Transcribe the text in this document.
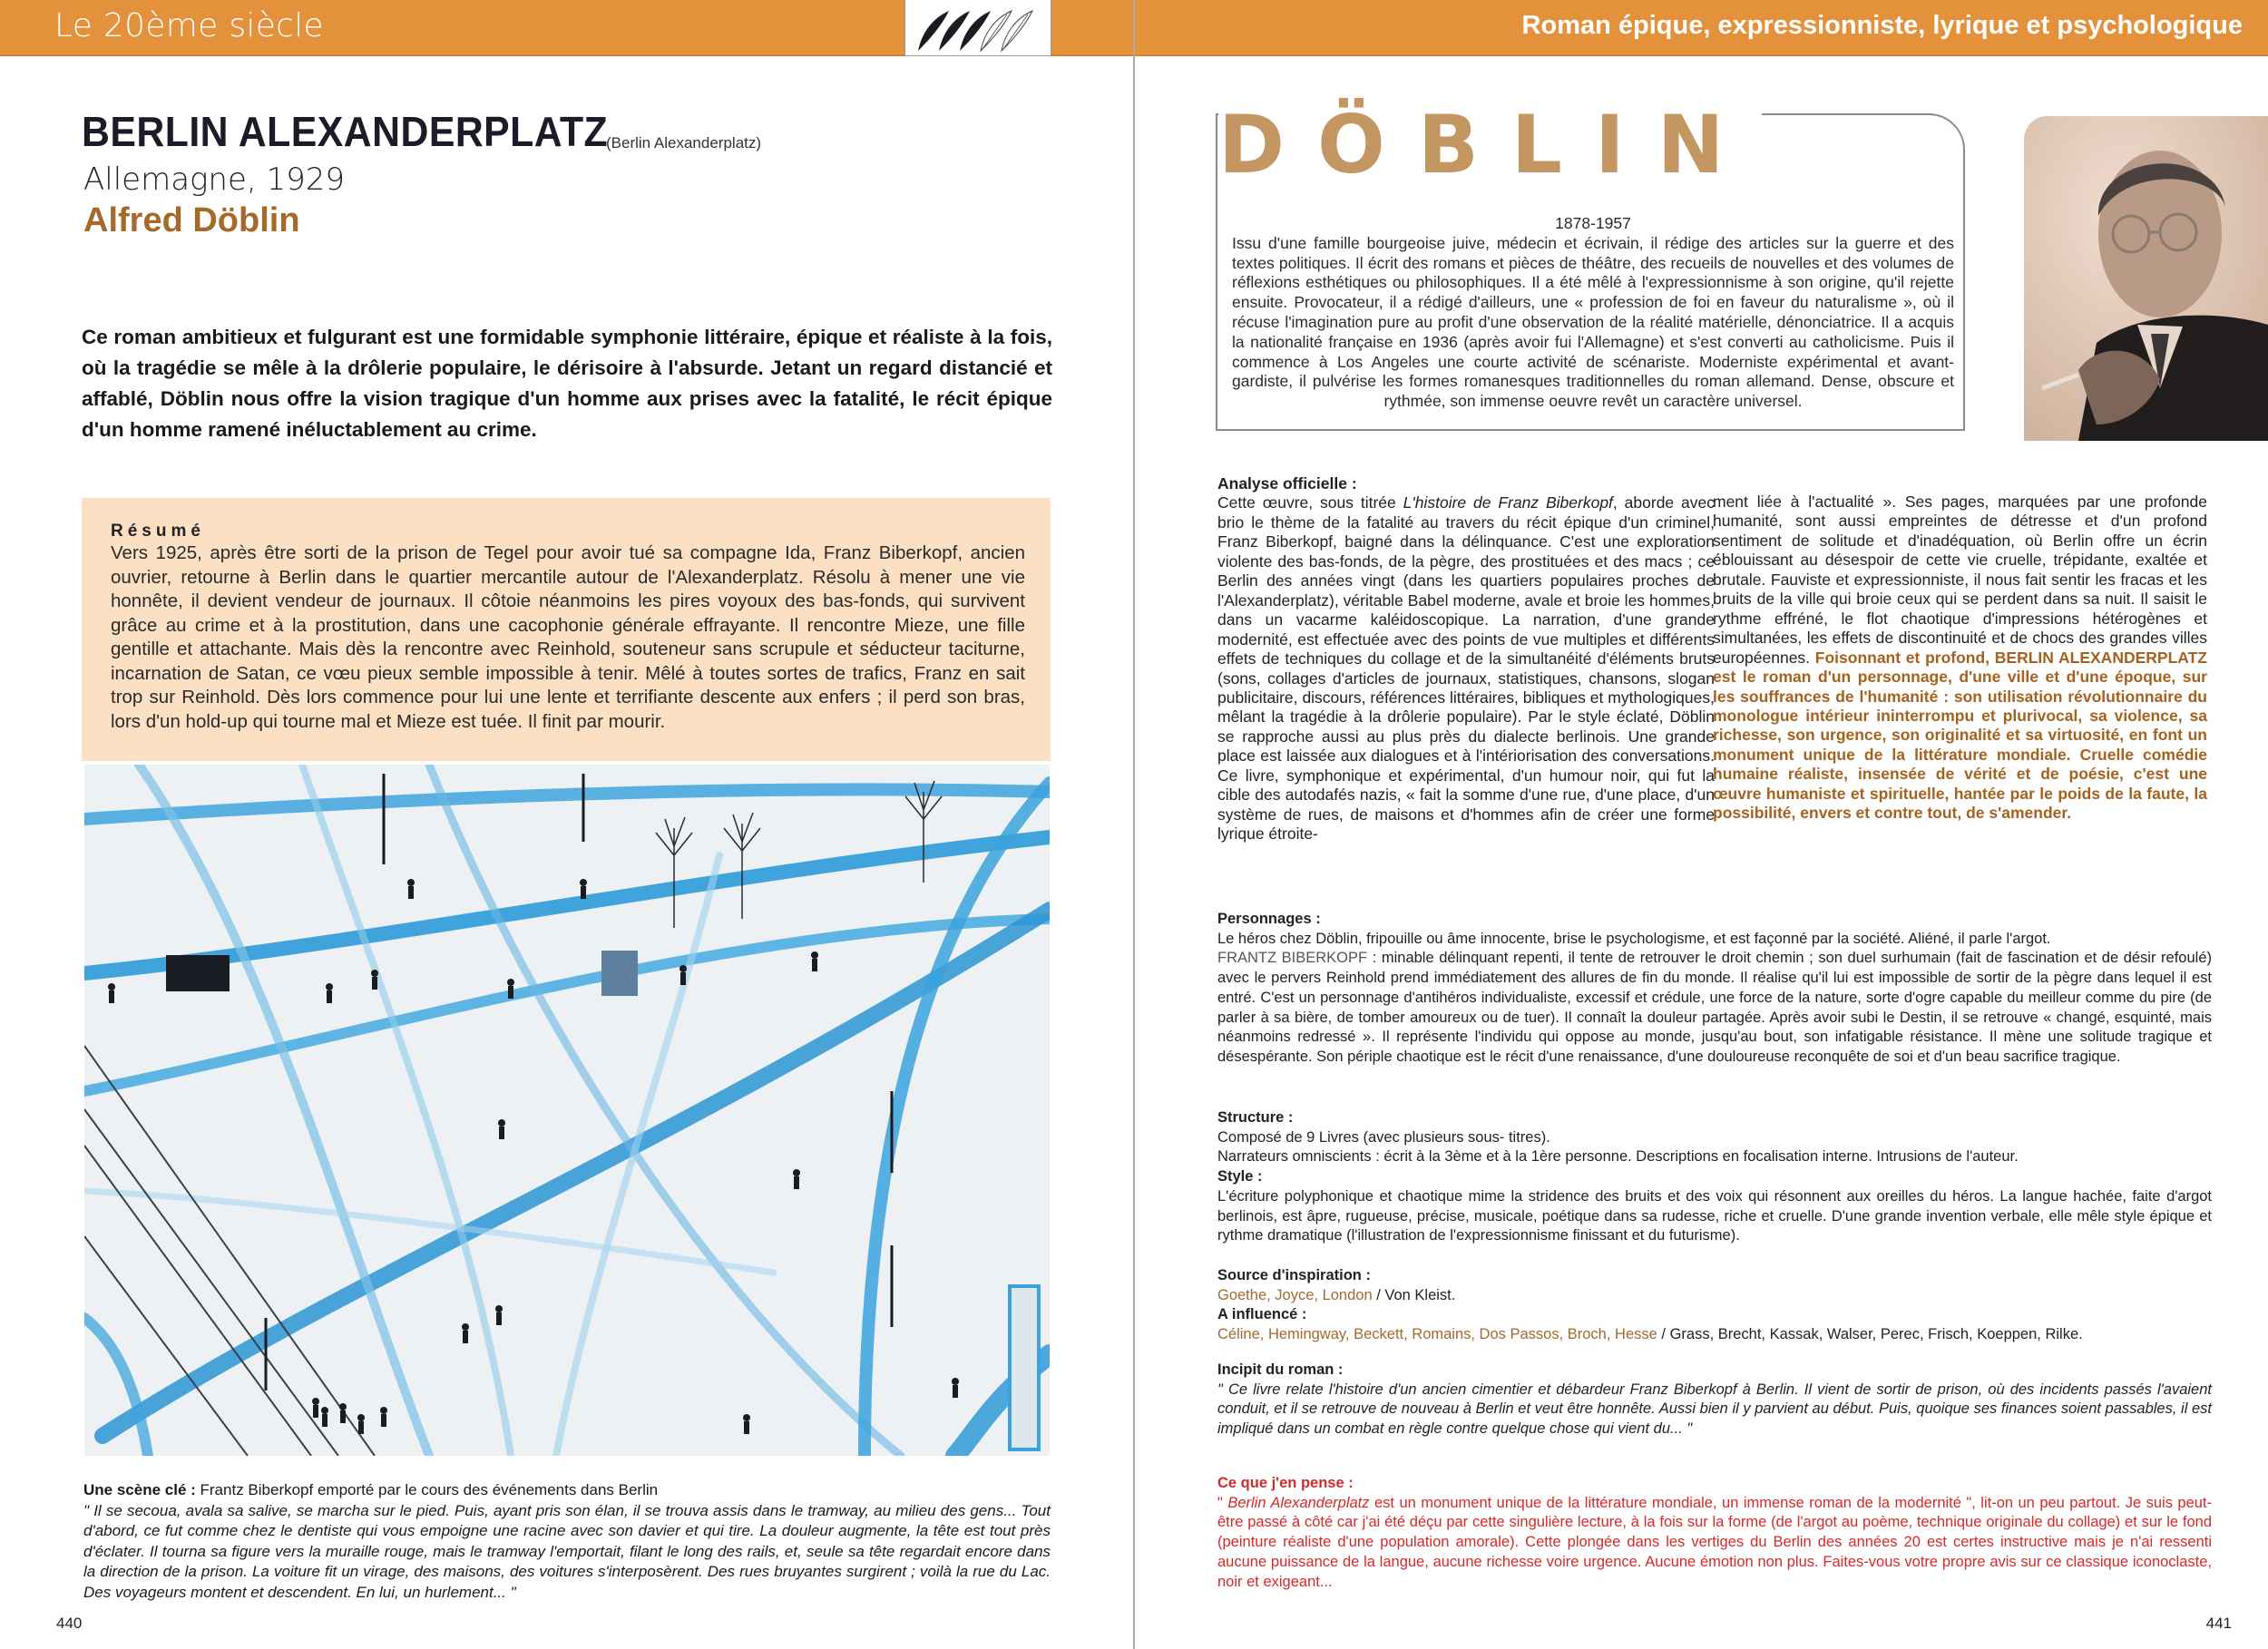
Le 20ème siècle
BERLIN ALEXANDERPLATZ
(Berlin Alexanderplatz)
Allemagne, 1929
Alfred Döblin

Ce roman ambitieux et fulgurant est une formidable symphonie littéraire, épique et réaliste à la fois, où la tragédie se mêle à la drôlerie populaire, le dérisoire à l'absurde. Jetant un regard distancié et affablé, Döblin nous offre la vision tragique d'un homme aux prises avec la fatalité, le récit épique d'un homme ramené inéluctablement au crime.

Résumé

Vers 1925, après être sorti de la prison de Tegel pour avoir tué sa compagne Ida, Franz Biberkopf, ancien ouvrier, retourne à Berlin dans le quartier mercantile autour de l'Alexanderplatz. Résolu à mener une vie honnête, il devient vendeur de journaux. Il côtoie néanmoins les pires voyoux des bas-fonds, qui survivent grâce au crime et à la prostitution, dans une cacophonie générale effrayante. Il rencontre Mieze, une fille gentille et attachante. Mais dès la rencontre avec Reinhold, souteneur sans scrupule et séducteur taciturne, incarnation de Satan, ce vœu pieux semble impossible à tenir. Mêlé à toutes sortes de trafics, Franz en sait trop sur Reinhold. Dès lors commence pour lui une lente et terrifiante descente aux enfers ; il perd son bras, lors d'un hold-up qui tourne mal et Mieze est tuée. Il finit par mourir.

Une scène clé : Frantz Biberkopf emporté par le cours des événements dans Berlin
" Il se secoua, avala sa salive, se marcha sur le pied. Puis, ayant pris son élan, il se trouva assis dans le tramway, au milieu des gens... Tout d'abord, ce fut comme chez le dentiste qui vous empoigne une racine avec son davier et qui tire. La douleur augmente, la tête est tout près d'éclater. Il tourna sa figure vers la muraille rouge, mais le tramway l'emportait, filant le long des rails, et, seule sa tête regardait encore dans la direction de la prison. La voiture fit un virage, des maisons, des voitures s'interposèrent. Des rues bruyantes surgirent ; voilà la rue du Lac. Des voyageurs montent et descendent. En lui, un hurlement... "
440
Roman épique, expressionniste, lyrique et psychologique
DÖBLIN
1878-1957
Issu d'une famille bourgeoise juive, médecin et écrivain, il rédige des articles sur la guerre et des textes politiques. Il écrit des romans et pièces de théâtre, des recueils de nouvelles et des volumes de réflexions esthétiques ou philosophiques. Il a été mêlé à l'expressionnisme à son origine, qu'il rejette ensuite. Provocateur, il a rédigé d'ailleurs, une « profession de foi en faveur du naturalisme », où il récuse l'imagination pure au profit d'une observation de la réalité matérielle, dénonciatrice. Il a acquis la nationalité française en 1936 (après avoir fui l'Allemagne) et s'est converti au catholicisme. Puis il commence à Los Angeles une courte activité de scénariste. Moderniste expérimental et avant-gardiste, il pulvérise les formes romanesques traditionnelles du roman allemand. Dense, obscure et rythmée, son immense oeuvre revêt un caractère universel.
Analyse officielle :
Cette œuvre, sous titrée L'histoire de Franz Biberkopf, aborde avec brio le thème de la fatalité au travers du récit épique d'un criminel, Franz Biberkopf, baigné dans la délinquance. C'est une exploration violente des bas-fonds, de la pègre, des prostituées et des macs ; ce Berlin des années vingt (dans les quartiers populaires proches de l'Alexanderplatz), véritable Babel moderne, avale et broie les hommes, dans un vacarme kaléidoscopique. La narration, d'une grande modernité, est effectuée avec des points de vue multiples et différents effets de techniques du collage et de la simultanéité d'éléments bruts (sons, collages d'articles de journaux, statistiques, chansons, slogan publicitaire, discours, références littéraires, bibliques et mythologiques, mêlant la tragédie à la drôlerie populaire). Par le style éclaté, Döblin se rapproche aussi au plus près du dialecte berlinois. Une grande place est laissée aux dialogues et à l'intériorisation des conversations. Ce livre, symphonique et expérimental, d'un humour noir, qui fut la cible des autodafés nazis, « fait la somme d'une rue, d'une place, d'un système de rues, de maisons et d'hommes afin de créer une forme lyrique étroite-
ment liée à l'actualité ». Ses pages, marquées par une profonde humanité, sont aussi empreintes de détresse et d'un profond sentiment de solitude et d'inadéquation, où Berlin offre un écrin éblouissant au désespoir de cette vie cruelle, trépidante, exaltée et brutale. Fauviste et expressionniste, il nous fait sentir les fracas et les bruits de la ville qui broie ceux qui se perdent dans sa nuit. Il saisit le rythme effréné, le flot chaotique d'impressions hétérogènes et simultanées, les effets de discontinuité et de chocs des grandes villes européennes. Foisonnant et profond, BERLIN ALEXANDERPLATZ est le roman d'un personnage, d'une ville et d'une époque, sur les souffrances de l'humanité : son utilisation révolutionnaire du monologue intérieur ininterrompu et plurivocal, sa violence, sa richesse, son urgence, son originalité et sa virtuosité, en font un monument unique de la littérature mondiale. Cruelle comédie humaine réaliste, insensée de vérité et de poésie, c'est une œuvre humaniste et spirituelle, hantée par le poids de la faute, la possibilité, envers et contre tout, de s'amender.
Personnages :
Le héros chez Döblin, fripouille ou âme innocente, brise le psychologisme, et est façonné par la société. Aliéné, il parle l'argot.
FRANTZ BIBERKOPF : minable délinquant repenti, il tente de retrouver le droit chemin ; son duel surhumain (fait de fascination et de désir refoulé) avec le pervers Reinhold prend immédiatement des allures de fin du monde. Il réalise qu'il lui est impossible de sortir de la pègre dans lequel il est entré. C'est un personnage d'antihéros individualiste, excessif et crédule, une force de la nature, sorte d'ogre capable du meilleur comme du pire (de parler à sa bière, de tomber amoureux ou de tuer). Il connaît la douleur partagée. Après avoir subi le Destin, il se retrouve « changé, esquinté, mais néanmoins redressé ». Il représente l'individu qui oppose au monde, jusqu'au bout, son infatigable résistance. Il mène une solitude tragique et désespérante. Son périple chaotique est le récit d'une renaissance, d'une douloureuse reconquête de soi et d'un beau sacrifice tragique.
Structure :
Composé de 9 Livres (avec plusieurs sous- titres).
Narrateurs omniscients : écrit à la 3ème et à la 1ère personne. Descriptions en focalisation interne. Intrusions de l'auteur.
Style :
L'écriture polyphonique et chaotique mime la stridence des bruits et des voix qui résonnent aux oreilles du héros. La langue hachée, faite d'argot berlinois, est âpre, rugueuse, précise, musicale, poétique dans sa rudesse, riche et cruelle. D'une grande invention verbale, elle mêle style épique et rythme dramatique (l'illustration de l'expressionnisme finissant et du futurisme).
Source d'inspiration :
Goethe, Joyce, London / Von Kleist.
A influencé :
Céline, Hemingway, Beckett, Romains, Dos Passos, Broch, Hesse / Grass, Brecht, Kassak, Walser, Perec, Frisch, Koeppen, Rilke.
Incipit du roman :
" Ce livre relate l'histoire d'un ancien cimentier et débardeur Franz Biberkopf à Berlin. Il vient de sortir de prison, où des incidents passés l'avaient conduit, et il se retrouve de nouveau à Berlin et veut être honnête. Aussi bien il y parvient au début. Puis, quoique ses finances soient passables, il est impliqué dans un combat en règle contre quelque chose qui vient du... "
Ce que j'en pense :
" Berlin Alexanderplatz est un monument unique de la littérature mondiale, un immense roman de la modernité ", lit-on un peu partout. Je suis peut-être passé à côté car j'ai été déçu par cette singulière lecture, à la fois sur la forme (de l'argot au poème, technique originale du collage) et sur le fond (peinture réaliste d'une population amorale). Cette plongée dans les vertiges du Berlin des années 20 est certes instructive mais je n'ai ressenti aucune puissance de la langue, aucune richesse voire urgence. Aucune émotion non plus. Faites-vous votre propre avis sur ce classique iconoclaste, noir et exigeant...
441
